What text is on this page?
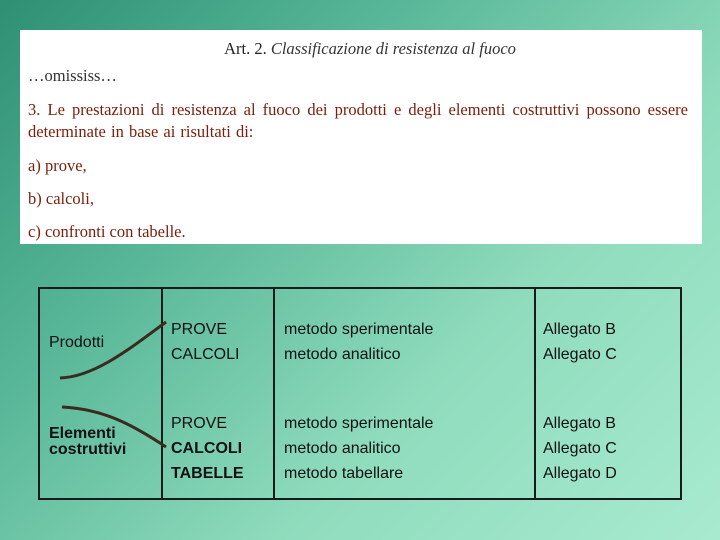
Art. 2. Classificazione di resistenza al fuoco

…omississ…

3. Le prestazioni di resistenza al fuoco dei prodotti e degli elementi costruttivi possono essere determinate in base ai risultati di:

a) prove,

b) calcoli,

c) confronti con tabelle.

Prodotti
PROVE
CALCOLI
metodo sperimentale
metodo analitico
Allegato B
Allegato C
Elementi
costruttivi
PROVE
CALCOLI
TABELLE
metodo sperimentale
metodo analitico
metodo tabellare
Allegato B
Allegato C
Allegato D
